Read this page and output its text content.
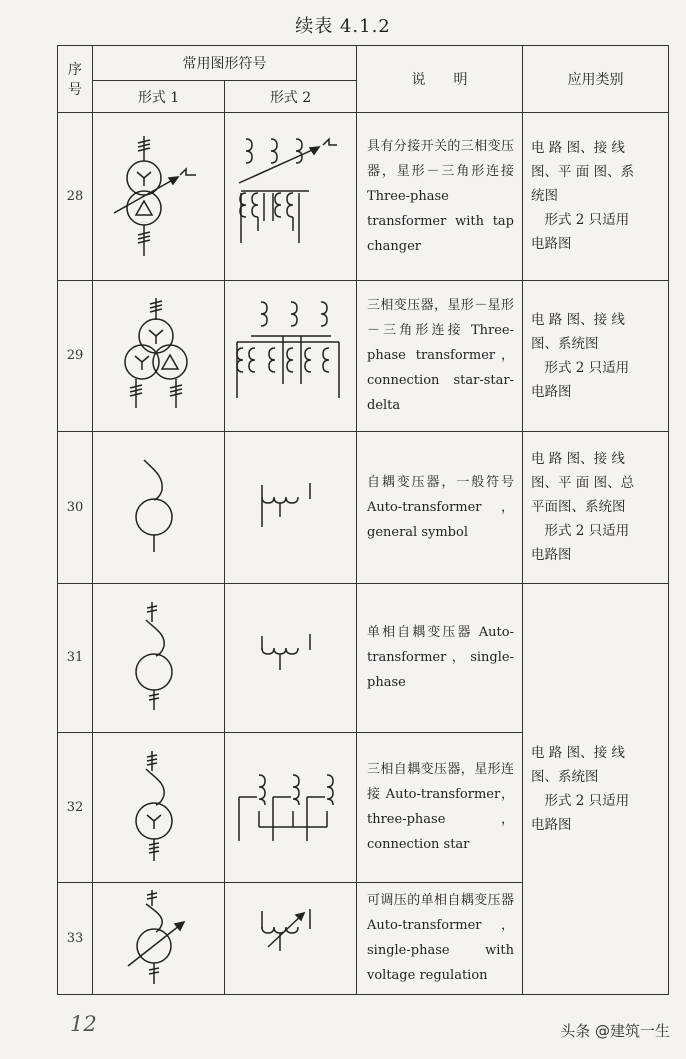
续表 4.1.2
序
号	常用图形符号		说　　明	应用类别
	形式 1	形式 2		
28			具有分接开关的三相变压器，星形－三角形连接 Three-phase transformer with tap changer	电 路 图、接 线
图、平 面 图、系
统图
　形式 2 只适用
电路图

29			三相变压器，星形－星形－三角形连接 Three-phase transformer，connection star-star-delta	电 路 图、接 线
图、系统图
　形式 2 只适用
电路图

30			自耦变压器，一般符号 Auto-transformer，general symbol	电 路 图、接 线
图、平 面 图、总
平面图、系统图
　形式 2 只适用
电路图

31			单相自耦变压器 Auto-transformer，single-phase	电 路 图、接 线
图、系统图
　形式 2 只适用
电路图

32			三相自耦变压器，星形连接 Auto-transformer，three-phase，connection star	
33			可调压的单相自耦变压器 Auto-transformer，single-phase with voltage regulation	
12	头条 @建筑一生
